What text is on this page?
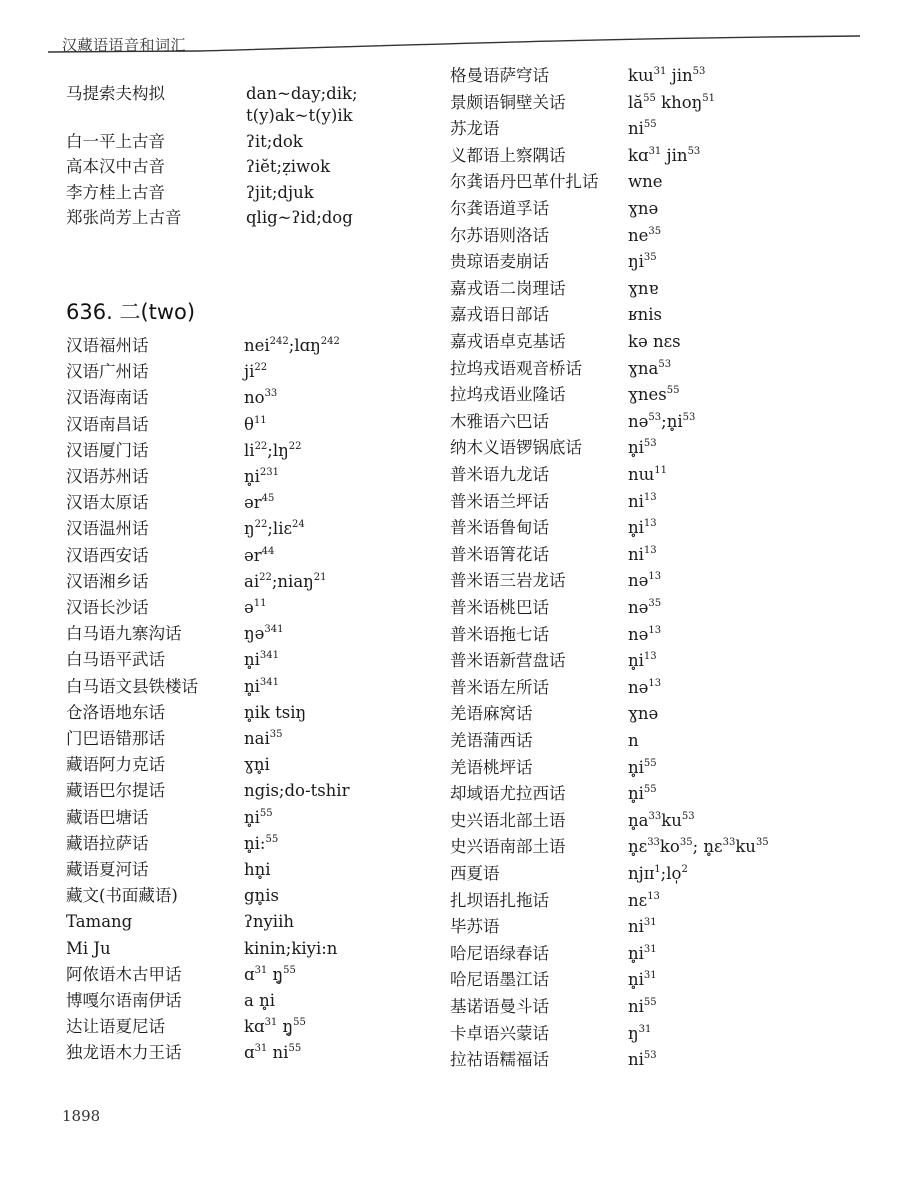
汉藏语语音和词汇
马提索夫构拟	dan~day;dik;
t(y)ak~t(y)ik
白一平上古音	ʔit;dok
高本汉中古音	ʔiĕt;ẓiwok
李方桂上古音	ʔjit;djuk
郑张尚芳上古音	qlig~ʔid;dog
636. 二(two)
汉语福州话	nei$^{242}$;lɑŋ$^{242}$
汉语广州话	$ji^{22}$
汉语海南话	$no^{33}$
汉语南昌话	$\theta^{11}$
汉语厦门话	$li^{22};lŋ^{22}$
汉语苏州话	$n̥i^{231}$
汉语太原话	ər$^{45}$
汉语温州话	$ŋ^{22};liɛ^{24}$
汉语西安话	ər$^{44}$
汉语湘乡话	$ai^{22};niaŋ^{21}$
汉语长沙话	ə$^{11}$
白马语九寨沟话	ŋə$^{341}$
白马语平武话	$n̥i^{341}$
白马语文县铁楼话	$n̥i^{341}$
仓洛语地东话	n̥ik tsiŋ
门巴语错那话	nai$^{35}$
藏语阿力克话	ɣn̥i
藏语巴尔提话	ngis;do-tshir
藏语巴塘话	$n̥i^{55}$
藏语拉萨话	n̥i:$^{55}$
藏语夏河话	hn̥i
藏文(书面藏语)	gn̥is
Tamang	ʔnyiih
Mi Ju	kinin;kiyi:n
阿侬语木古甲话	ɑ$^{31}$ ŋ̥$^{55}$
博嘎尔语南伊话	a n̥i
达让语夏尼话	kɑ$^{31}$ ŋ̥$^{55}$
独龙语木力王话	ɑ$^{31}$ $ni^{55}$
格曼语萨穹话	kɯ$^{31}$ jin$^{53}$
景颇语铜壁关话	$lă^{55}$ khoŋ$^{51}$
苏龙语	$ni^{55}$
义都语上察隅话	kɑ$^{31}$ jin$^{53}$
尔龚语丹巴革什扎话 wne
尔龚语道孚话	ɣnə
尔苏语则洛话	$ne^{35}$
贵琼语麦崩话	$ŋi^{35}$
嘉戎语二岗理话	ɣnɐ
嘉戎语日部话	ʁnis
嘉戎语卓克基话	kə nɛs
拉坞戎语观音桥话	ɣna$^{53}$
拉坞戎语业隆话	ɣnes$^{55}$
木雅语六巴话	$nə^{53};n̥i^{53}$
纳木义语锣锅底话	$n̥i^{53}$
普米语九龙话	nɯ$^{11}$
普米语兰坪话	$ni^{13}$
普米语鲁甸话	$n̥i^{13}$
普米语箐花话	$ni^{13}$
普米语三岩龙话	nə$^{13}$
普米语桃巴话	nə$^{35}$
普米语拖七话	nə$^{13}$
普米语新营盘话	$n̥i^{13}$
普米语左所话	nə$^{13}$
羌语麻窝话	ɣnə
羌语蒲西话	n
羌语桃坪话	$n̥i^{55}$
却域语尤拉西话	$n̥i^{55}$
史兴语北部土语	$n̥a^{33}ku^{53}$
史兴语南部土语	$n̥ɛ^{33}ko^{35}$; $n̥ɛ^{33}ku^{35}$
西夏语	njɪɪ$^1$;lo̩$^2$
扎坝语扎拖话	nɛ$^{13}$
毕苏语	$ni^{31}$
哈尼语绿春话	$n̥i^{31}$
哈尼语墨江话	$n̥i^{31}$
基诺语曼斗话	$ni^{55}$
卡卓语兴蒙话	$ŋ^{31}$
拉祜语糯福话	$ni^{53}$
1898
